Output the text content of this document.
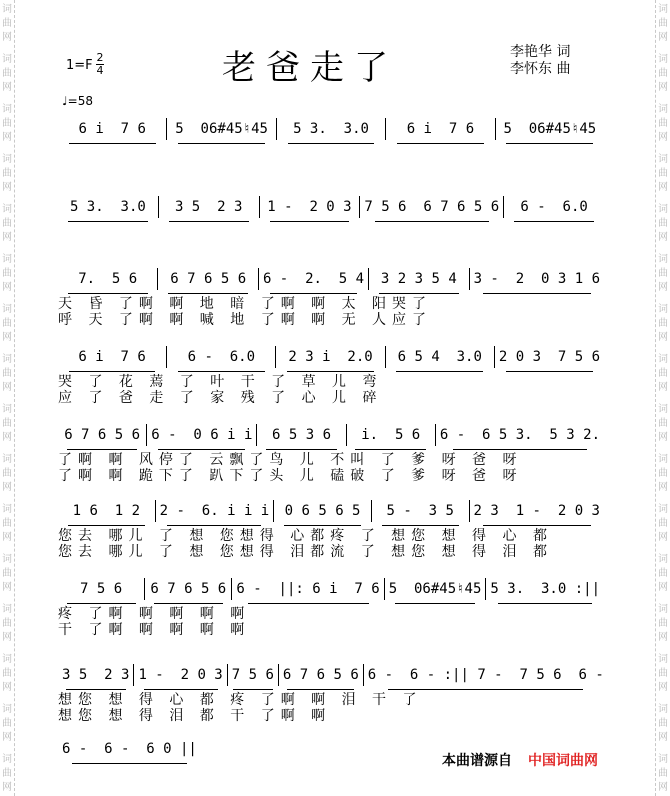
词
曲
网
词
曲
网
词
曲
网
词
曲
网
词
曲
网
词
曲
网
词
曲
网
词
曲
网
词
曲
网
词
曲
网
词
曲
网
词
曲
网
词
曲
网
词
曲
网
词
曲
网
词
曲
网
词
曲
网
词
曲
网
词
曲
网
词
曲
网
词
曲
网
词
曲
网
词
曲
网
词
曲
网
词
曲
网
词
曲
网
词
曲
网
词
曲
网
词
曲
网
词
曲
网
词
曲
网
词
曲
网
1=F
2
4
♩=58
老爸走了	李艳华 词
李怀东 曲
6 i  7 6 5  06#45♮45 5 3.  3.0	6 i  7 6 5  06#45♮45
5 3.  3.0 3 5  2 3 1 -  2 0 3 7 5 6  6 7 6 5 6 6 -  6.0
7.  5 6 6 7 6 5 6 6 -  2.  5 4 3 2 3 5 4 3 -  2  0 3 1 6
天 昏 了啊 啊 地 暗 了啊 啊 太 阳哭了
呼 天 了啊 啊 喊 地 了啊 啊 无 人应了
6 i  7 6	6 -  6.0 2 3 i  2.0 6 5 4  3.0 2 0 3  7 5 6
哭 了 花 蔫 了 叶 干 了 草 儿 弯
应 了 爸 走 了 家 残 了 心 儿 碎
6 7 6 5 6 6 -  0 6 i i 6 5 3 6 i.  5 6 6 -  6 5 3.  5 3 2.
了啊 啊 风停了 云飘了鸟 儿 不叫 了 爹 呀 爸 呀
了啊 啊 跪下了 趴下了头 儿 磕破 了 爹 呀 爸 呀
1 6  1 2 2 -  6. i i i 0 6 5 6 5 5 -  3 5 2 3  1 -  2 0 3
您去 哪儿 了 想 您想得 心都疼 了 想您 想 得 心 都
您去 哪儿 了 想 您想得 泪都流 了 想您 想 得 泪 都
7 5 6 6 7 6 5 6 6 -  ||: 6 i  7 6 5  06#45♮45 5 3.  3.0 :||
疼 了啊 啊 啊 啊 啊
干 了啊 啊 啊 啊 啊
3 5  2 3 1 -  2 0 3 7 5 6 6 7 6 5 6 6 -  6 - :|| 7 -  7 5 6  6 -
想您 想 得 心 都 疼 了啊 啊 泪 干 了
想您 想 得 泪 都 干 了啊 啊
6 -  6 -  6 0 ||
本曲谱源自 中国词曲网
